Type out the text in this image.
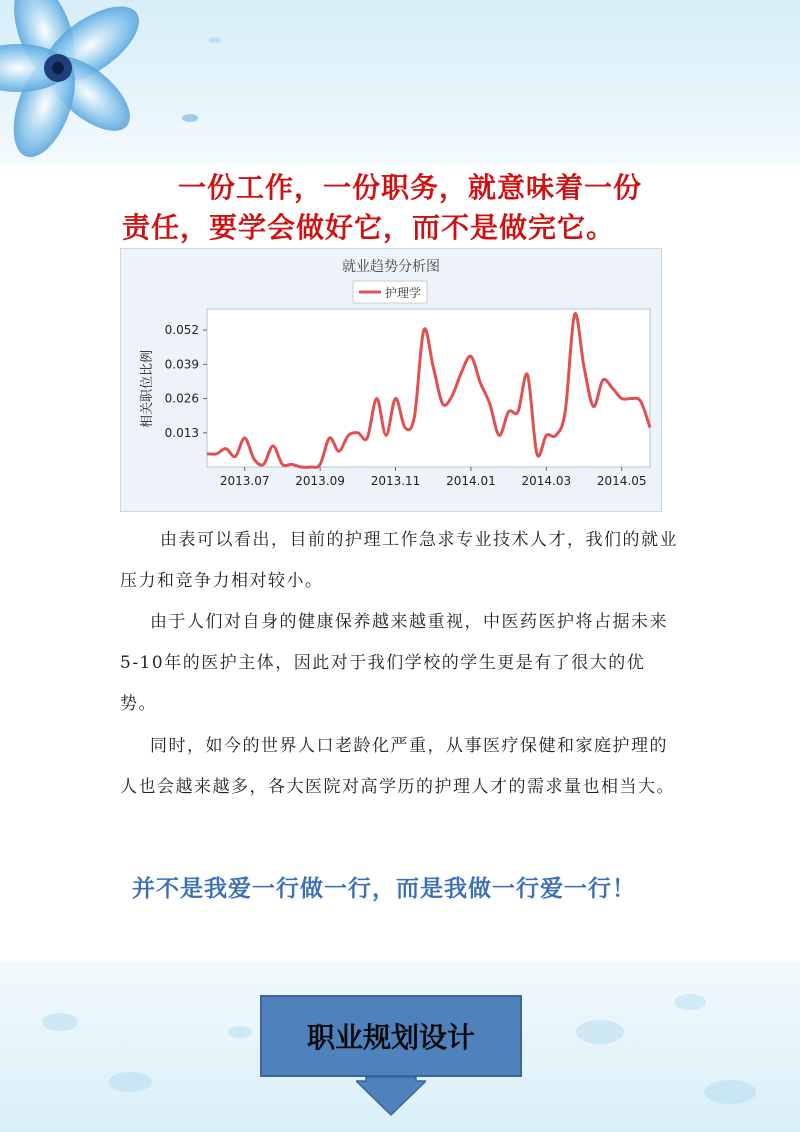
一份工作，一份职务，就意味着一份
责任，要学会做好它，而不是做完它。
就业趋势分析图
护理学
相关职位比例
0.013
0.026
0.039
0.052
2013.07 2013.09 2013.11 2014.01 2014.03 2014.05
由表可以看出，目前的护理工作急求专业技术人才，我们的就业压力和竞争力相对较小。
由于人们对自身的健康保养越来越重视，中医药医护将占据未来5-10年的医护主体，因此对于我们学校的学生更是有了很大的优势。
同时，如今的世界人口老龄化严重，从事医疗保健和家庭护理的人也会越来越多，各大医院对高学历的护理人才的需求量也相当大。
并不是我爱一行做一行，而是我做一行爱一行！
职业规划设计
